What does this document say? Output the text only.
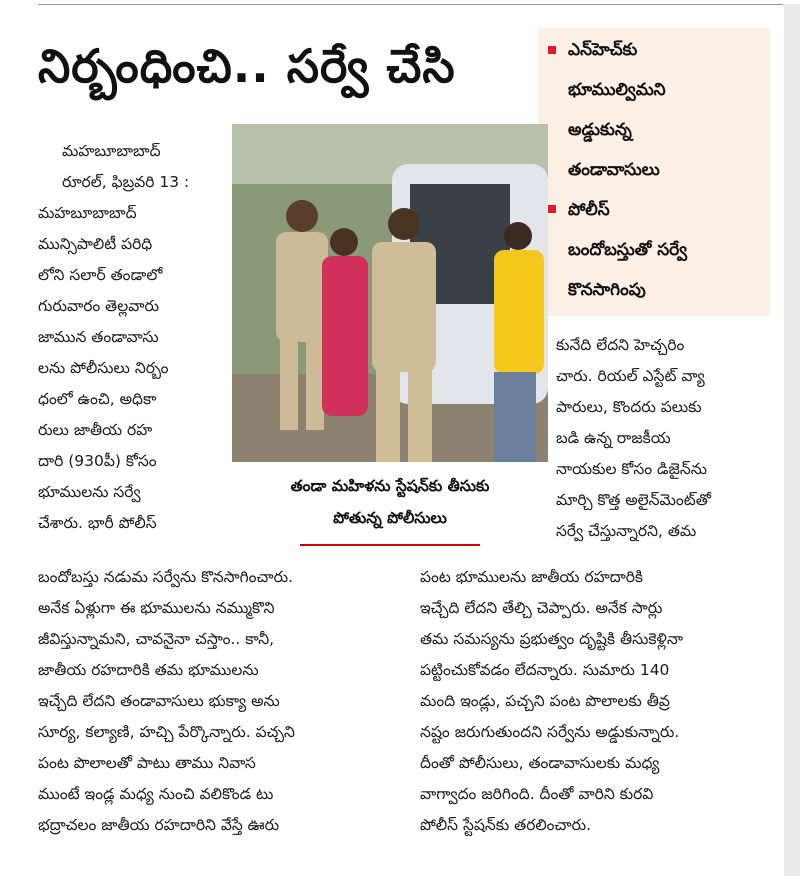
నిర్బంధించి.. సర్వే చేసి	ఎన్‌హెచ్‌కు
భూముల్విమని
అడ్డుకున్న
తండావాసులు
పోలీస్
బందోబస్తుతో సర్వే
కొనసాగింపు
తండా మహిళను స్టేషన్‌కు తీసుకు
పోతున్న పోలీసులు
మహబూబాబాద్
రూరల్, ఫిబ్రవరి 13 :
మహబూబాబాద్
మున్సిపాలిటీ పరిధి
లోని సలార్ తండాలో
గురువారం తెల్లవారు
జామున తండావాసు
లను పోలీసులు నిర్బం
ధంలో ఉంచి, అధికా
రులు జాతీయ రహ
దారి (930పీ) కోసం
భూములను సర్వే
చేశారు. భారీ పోలీస్
బందోబస్తు నడుమ సర్వేను కొనసాగించారు.
అనేక ఏళ్లుగా ఈ భూములను నమ్ముకొని
జీవిస్తున్నామని, చావనైనా చస్తాం.. కానీ,
జాతీయ రహదారికి తమ భూములను
ఇచ్చేది లేదని తండావాసులు భుక్యా అను
సూర్య, కల్యాణి, హచ్చి పేర్కొన్నారు. పచ్చని
పంట పొలాలతో పాటు తాము నివాస
ముంటే ఇండ్ల మధ్య నుంచి వలికొండ టు
భద్రాచలం జాతీయ రహదారిని వేస్తే ఊరు
కునేది లేదని హెచ్చరిం
చారు. రియల్ ఎస్టేట్ వ్యా
పారులు, కొందరు పలుకు
బడి ఉన్న రాజకీయ
నాయకుల కోసం డిజైన్‌ను
మార్చి కొత్త అలైన్‌మెంట్‌తో
సర్వే చేస్తున్నారని, తమ
పంట భూములను జాతీయ రహదారికి
ఇచ్చేది లేదని తేల్చి చెప్పారు. అనేక సార్లు
తమ సమస్యను ప్రభుత్వం దృష్టికి తీసుకెళ్లినా
పట్టించుకోవడం లేదన్నారు. సుమారు 140
మంది ఇండ్లు, పచ్చని పంట పొలాలకు తీవ్ర
నష్టం జరుగుతుందని సర్వేను అడ్డుకున్నారు.
దీంతో పోలీసులు, తండావాసులకు మధ్య
వాగ్వాదం జరిగింది. దీంతో వారిని కురవి
పోలీస్ స్టేషన్‌కు తరలించారు.
